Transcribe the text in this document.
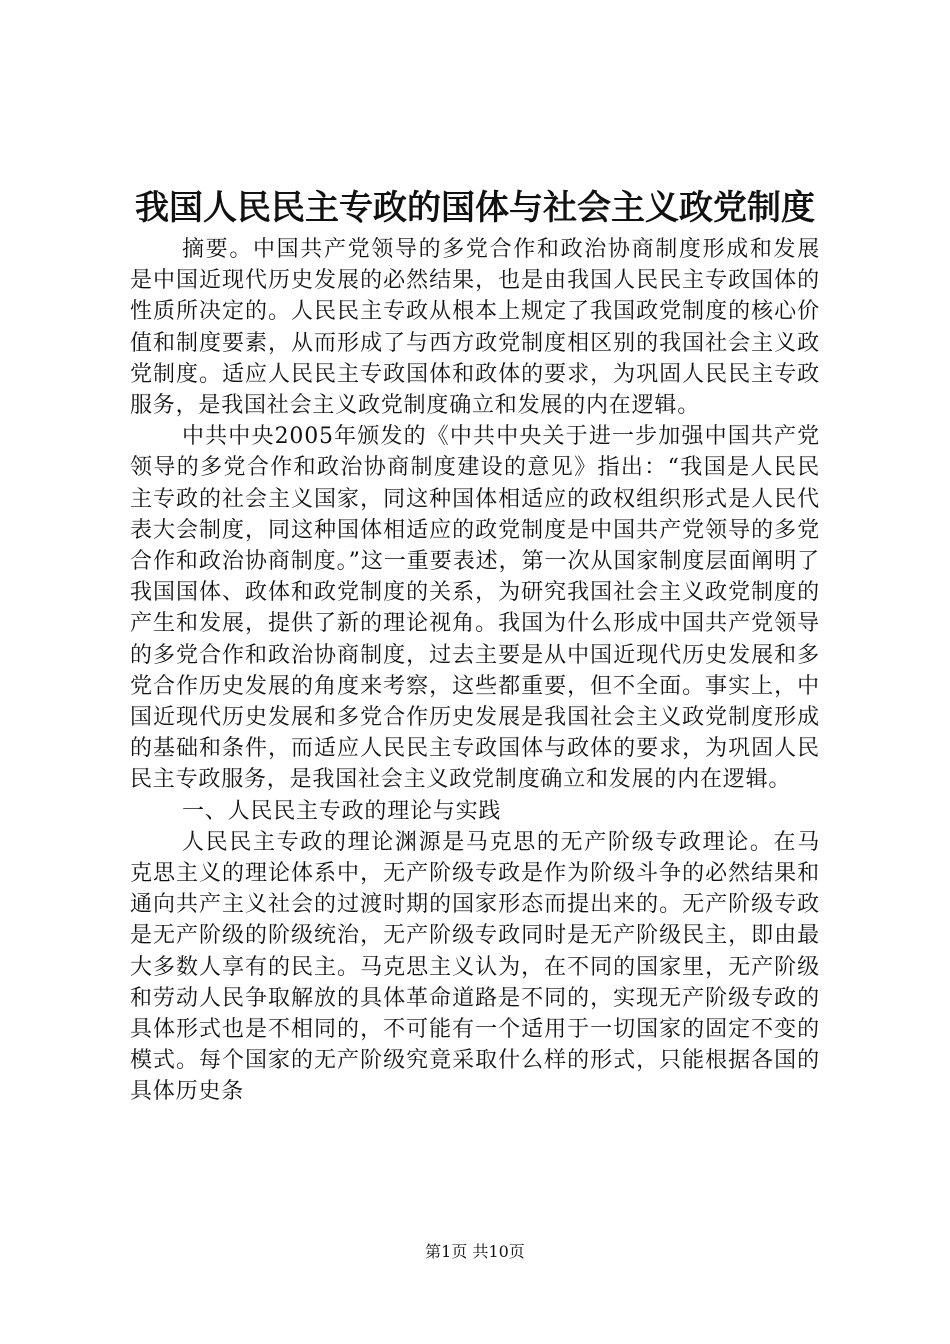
我国人民民主专政的国体与社会主义政党制度

摘要。中国共产党领导的多党合作和政治协商制度形成和发展是中国近现代历史发展的必然结果，也是由我国人民民主专政国体的性质所决定的。人民民主专政从根本上规定了我国政党制度的核心价值和制度要素，从而形成了与西方政党制度相区别的我国社会主义政党制度。适应人民民主专政国体和政体的要求，为巩固人民民主专政服务，是我国社会主义政党制度确立和发展的内在逻辑。

中共中央2005年颁发的《中共中央关于进一步加强中国共产党领导的多党合作和政治协商制度建设的意见》指出：“我国是人民民主专政的社会主义国家，同这种国体相适应的政权组织形式是人民代表大会制度，同这种国体相适应的政党制度是中国共产党领导的多党合作和政治协商制度。”这一重要表述，第一次从国家制度层面阐明了我国国体、政体和政党制度的关系，为研究我国社会主义政党制度的产生和发展，提供了新的理论视角。我国为什么形成中国共产党领导的多党合作和政治协商制度，过去主要是从中国近现代历史发展和多党合作历史发展的角度来考察，这些都重要，但不全面。事实上，中国近现代历史发展和多党合作历史发展是我国社会主义政党制度形成的基础和条件，而适应人民民主专政国体与政体的要求，为巩固人民民主专政服务，是我国社会主义政党制度确立和发展的内在逻辑。

一、人民民主专政的理论与实践

人民民主专政的理论渊源是马克思的无产阶级专政理论。在马克思主义的理论体系中，无产阶级专政是作为阶级斗争的必然结果和通向共产主义社会的过渡时期的国家形态而提出来的。无产阶级专政是无产阶级的阶级统治，无产阶级专政同时是无产阶级民主，即由最大多数人享有的民主。马克思主义认为，在不同的国家里，无产阶级和劳动人民争取解放的具体革命道路是不同的，实现无产阶级专政的具体形式也是不相同的，不可能有一个适用于一切国家的固定不变的模式。每个国家的无产阶级究竟采取什么样的形式，只能根据各国的具体历史条

第1页 共10页
